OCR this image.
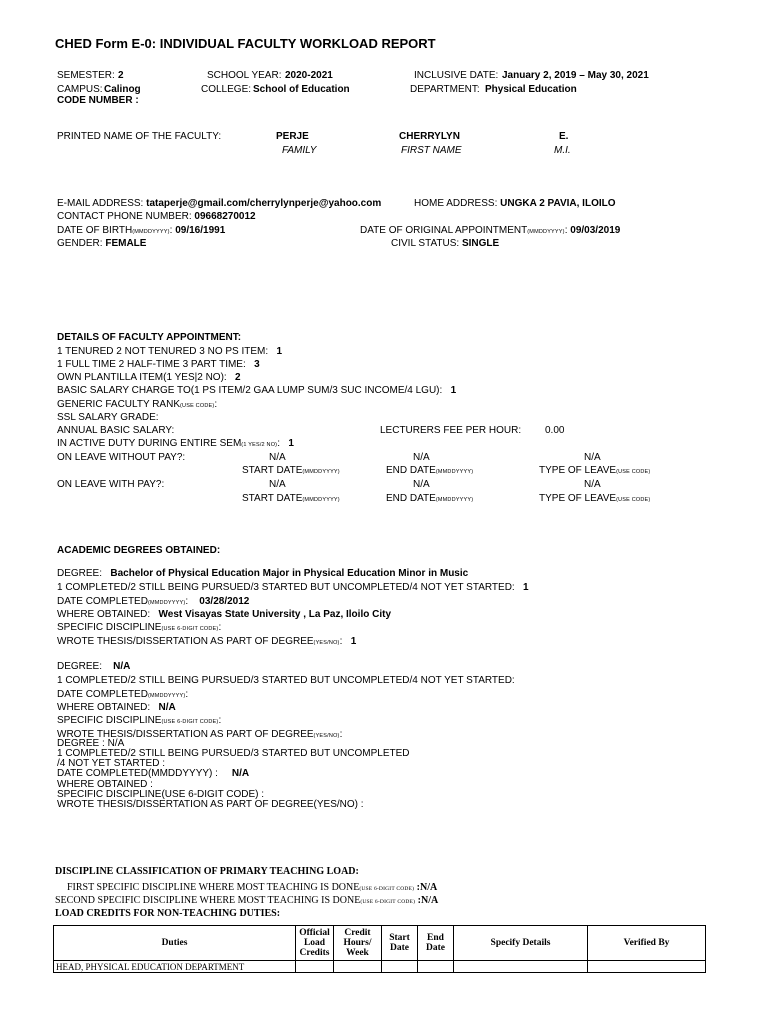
CHED Form E-0: INDIVIDUAL FACULTY WORKLOAD REPORT
SEMESTER: 2	SCHOOL YEAR: 2020-2021	INCLUSIVE DATE: January 2, 2019 – May 30, 2021
CAMPUS: Calinog	COLLEGE: School of Education	DEPARTMENT: Physical Education
CODE NUMBER :
PRINTED NAME OF THE FACULTY:	PERJE	CHERRYLYN	E.
FAMILY	FIRST NAME	M.I.
E-MAIL ADDRESS: tataperje@gmail.com/cherrylynperje@yahoo.com	HOME ADDRESS: UNGKA 2 PAVIA, ILOILO
CONTACT PHONE NUMBER: 09668270012
DATE OF BIRTH(MMDDYYYY): 09/16/1991	DATE OF ORIGINAL APPOINTMENT(MMDDYYYY): 09/03/2019
GENDER: FEMALE	CIVIL STATUS: SINGLE
DETAILS OF FACULTY APPOINTMENT:
1 TENURED 2 NOT TENURED 3 NO PS ITEM: 1
1 FULL TIME 2 HALF-TIME 3 PART TIME: 3
OWN PLANTILLA ITEM(1 YES|2 NO): 2
BASIC SALARY CHARGE TO(1 PS ITEM/2 GAA LUMP SUM/3 SUC INCOME/4 LGU): 1
GENERIC FACULTY RANK(USE CODE):
SSL SALARY GRADE:
ANNUAL BASIC SALARY:	LECTURERS FEE PER HOUR: 0.00
IN ACTIVE DUTY DURING ENTIRE SEM(1 YES/2 NO):   1
ON LEAVE WITHOUT PAY?:	N/A	N/A	N/A
START DATE(MMDDYYYY)	END DATE(MMDDYYYY)	TYPE OF LEAVE(USE CODE)
ON LEAVE WITH PAY?:	N/A	N/A	N/A
START DATE(MMDDYYYY)	END DATE(MMDDYYYY)	TYPE OF LEAVE(USE CODE)
ACADEMIC DEGREES OBTAINED:
DEGREE: Bachelor of Physical Education Major in Physical Education Minor in Music
1 COMPLETED/2 STILL BEING PURSUED/3 STARTED BUT UNCOMPLETED/4 NOT YET STARTED: 1
DATE COMPLETED(MMDDYYYY):    03/28/2012
WHERE OBTAINED: West Visayas State University , La Paz, Iloilo City
SPECIFIC DISCIPLINE(USE 6-DIGIT CODE):
WROTE THESIS/DISSERTATION AS PART OF DEGREE(YES/NO):   1
DEGREE: N/A
1 COMPLETED/2 STILL BEING PURSUED/3 STARTED BUT UNCOMPLETED/4 NOT YET STARTED:
DATE COMPLETED(MMDDYYYY):
WHERE OBTAINED: N/A
SPECIFIC DISCIPLINE(USE 6-DIGIT CODE):
WROTE THESIS/DISSERTATION AS PART OF DEGREE(YES/NO):
DEGREE : N/A
1 COMPLETED/2 STILL BEING PURSUED/3 STARTED BUT UNCOMPLETED
/4 NOT YET STARTED :
DATE COMPLETED(MMDDYYYY) : N/A
WHERE OBTAINED :
SPECIFIC DISCIPLINE(USE 6-DIGIT CODE) :
WROTE THESIS/DISSERTATION AS PART OF DEGREE(YES/NO) :
DISCIPLINE CLASSIFICATION OF PRIMARY TEACHING LOAD:
FIRST SPECIFIC DISCIPLINE WHERE MOST TEACHING IS DONE(USE 6-DIGIT CODE) :N/A
SECOND SPECIFIC DISCIPLINE WHERE MOST TEACHING IS DONE(USE 6-DIGIT CODE) :N/A
LOAD CREDITS FOR NON-TEACHING DUTIES:
Duties	Official Load Credits	Credit Hours/ Week	Start Date	End Date	Specify Details	Verified By
HEAD, PHYSICAL EDUCATION DEPARTMENT						
